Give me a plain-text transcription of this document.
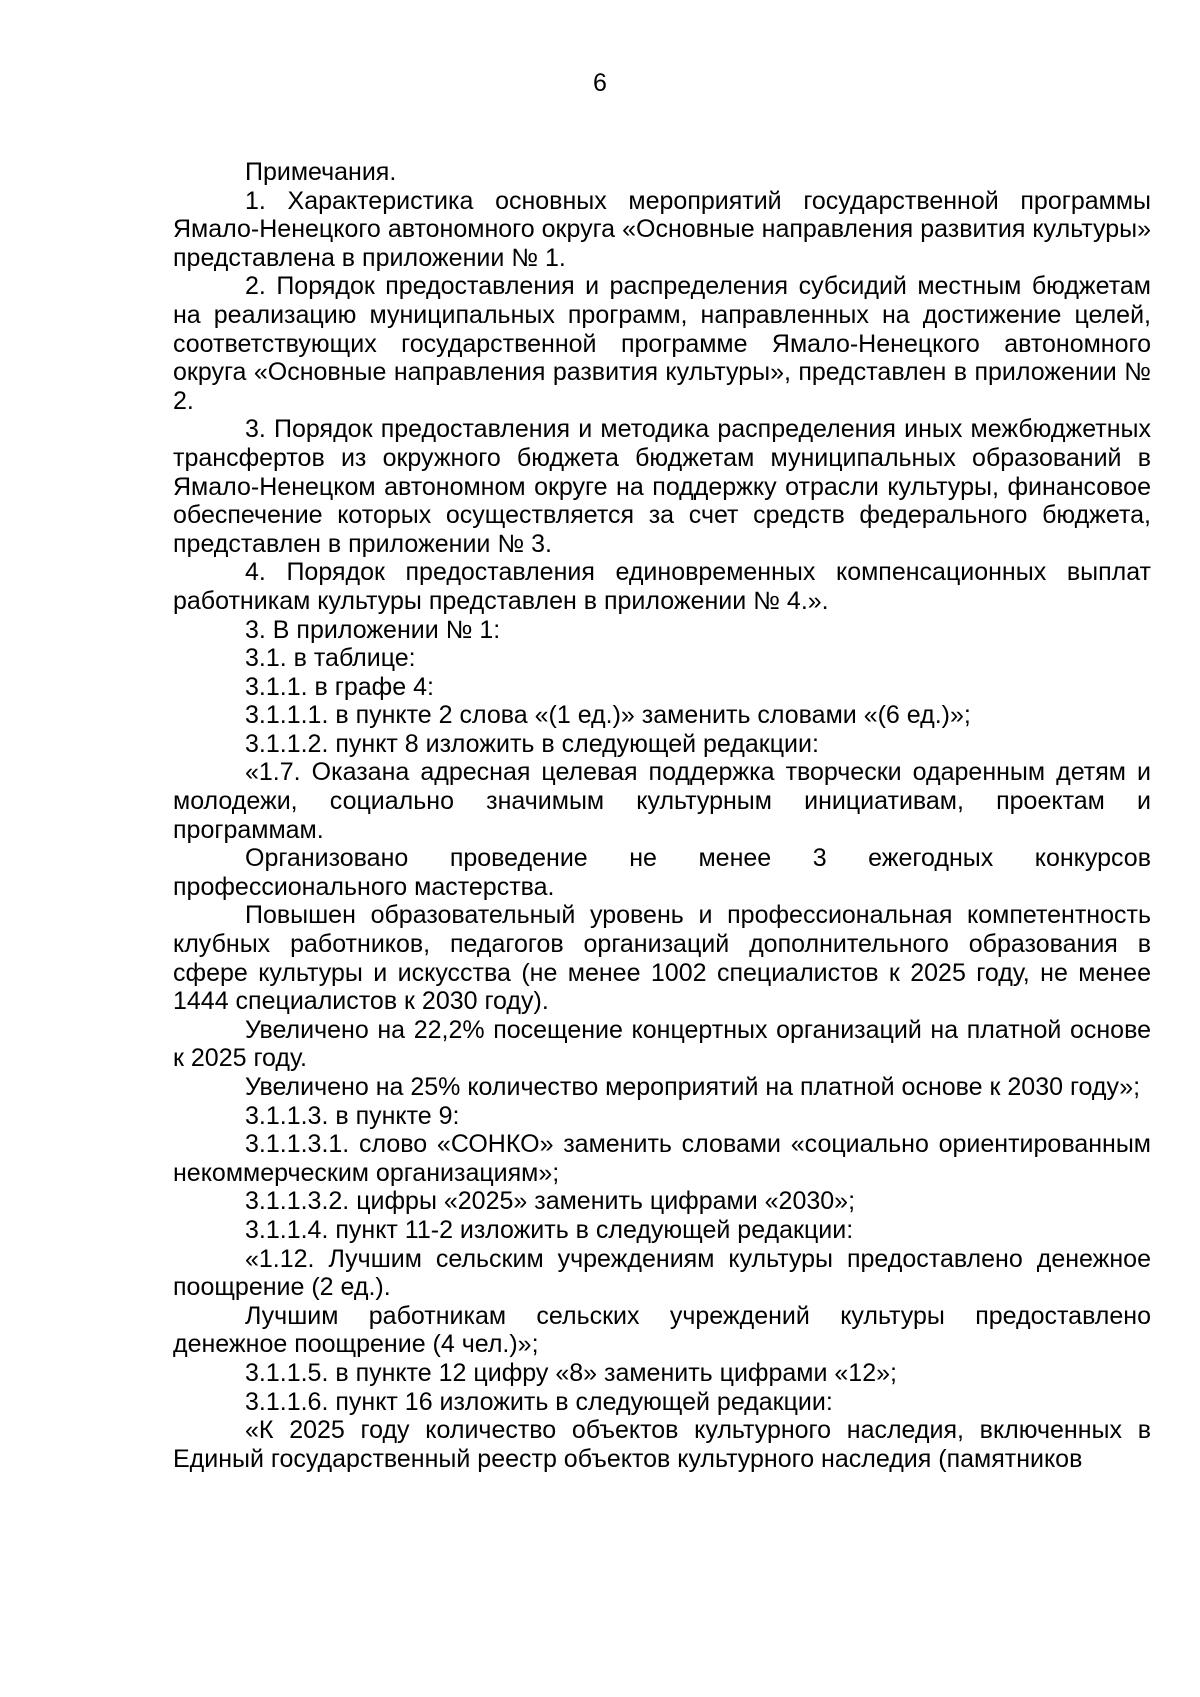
6

Примечания.

1. Характеристика основных мероприятий государственной программы Ямало-Ненецкого автономного округа «Основные направления развития культуры» представлена в приложении № 1.

2. Порядок предоставления и распределения субсидий местным бюджетам на реализацию муниципальных программ, направленных на достижение целей, соответствующих государственной программе Ямало-Ненецкого автономного округа «Основные направления развития культуры», представлен в приложении № 2.

3. Порядок предоставления и методика распределения иных межбюджетных трансфертов из окружного бюджета бюджетам муниципальных образований в Ямало-Ненецком автономном округе на поддержку отрасли культуры, финансовое обеспечение которых осуществляется за счет средств федерального бюджета, представлен в приложении № 3.

4. Порядок предоставления единовременных компенсационных выплат работникам культуры представлен в приложении № 4.».

3. В приложении № 1:

3.1. в таблице:

3.1.1. в графе 4:

3.1.1.1. в пункте 2 слова «(1 ед.)» заменить словами «(6 ед.)»;

3.1.1.2. пункт 8 изложить в следующей редакции:

«1.7. Оказана адресная целевая поддержка творчески одаренным детям и молодежи, социально значимым культурным инициативам, проектам и программам.

Организовано проведение не менее 3 ежегодных конкурсов профессионального мастерства.

Повышен образовательный уровень и профессиональная компетентность клубных работников, педагогов организаций дополнительного образования в сфере культуры и искусства (не менее 1002 специалистов к 2025 году, не менее 1444 специалистов к 2030 году).

Увеличено на 22,2% посещение концертных организаций на платной основе к 2025 году.

Увеличено на 25% количество мероприятий на платной основе к 2030 году»;

3.1.1.3. в пункте 9:

3.1.1.3.1. слово «СОНКО» заменить словами «социально ориентированным некоммерческим организациям»;

3.1.1.3.2. цифры «2025» заменить цифрами «2030»;

3.1.1.4. пункт 11-2 изложить в следующей редакции:

«1.12. Лучшим сельским учреждениям культуры предоставлено денежное поощрение (2 ед.).

Лучшим работникам сельских учреждений культуры предоставлено денежное поощрение (4 чел.)»;

3.1.1.5. в пункте 12 цифру «8» заменить цифрами «12»;

3.1.1.6. пункт 16 изложить в следующей редакции:

«К 2025 году количество объектов культурного наследия, включенных в Единый государственный реестр объектов культурного наследия (памятников
